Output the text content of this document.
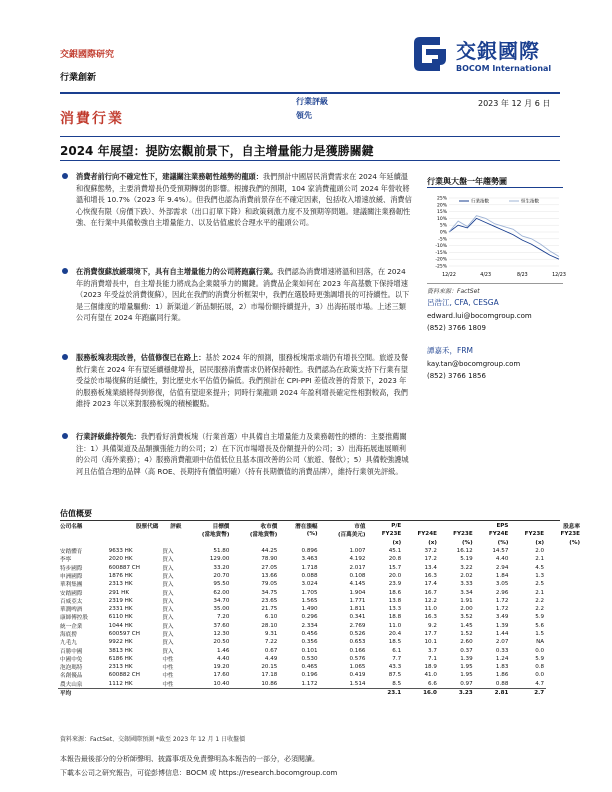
交銀國際研究
行業創新
交銀國際
BOCOM International
消費行業
行業評級
領先
2023 年 12 月 6 日
2024 年展望：提防宏觀前景下，自主增量能力是獲勝關鍵
消費者前行向不確定性下，建議關注業務韌性越勢的龍頭：我們預計中國居民消費需求在 2024 年延續溫和復蘇態勢，主要消費增長仍受預期轉弱的影響。根據我們的預期，104 家消費龍頭公司 2024 年營收將溫和增長 10.7%（2023 年 9.4%）。但我們也認為消費前景存在不確定因素，包括收入增速放緩、消費信心恢復有限（房價下跌）、外部需求（出口訂單下降）和政策刺激力度不及預期等問題。建議關注業務韌性強、在行業中具備較強自主增量能力、以及估值處於合理水平的龍頭公司。
在消費復蘇放緩環境下，具有自主增量能力的公司將跑贏行業。我們認為消費增速將溫和回落，在 2024 年的消費增長中，自主增長能力將成為企業競爭力的關鍵。消費品企業如何在 2023 年高基數下保持增速（2023 年受益於消費復蘇），因此在我們的消費分析框架中，我們在選股時更強調增長的可持續性。以下是三個維度的增量驅動：1）新渠道／新品類拓展，2）市場份額持續提升，3）出海拓展市場。上述三類公司有望在 2024 年跑贏同行業。
服務板塊表現改善，估值修復已在路上：基於 2024 年的預測，服務板塊需求端仍有增長空間。旅遊及餐飲行業在 2024 年有望延續穩健增長，居民服務消費需求仍將保持韌性。我們認為在政策支持下行業有望受益於市場復蘇的延續性，對比歷史水平估值仍偏低。我們預計在 CPI-PPI 差值改善的背景下，2023 年的服務板塊業績將得到修復，估值有望迎來提升；同時行業龍頭 2024 年盈利增長確定性相對較高，我們維持 2023 年以來對服務板塊的積極觀點。
行業評級維持領先：我們看好消費板塊（行業首選）中具備自主增量能力及業務韌性的標的：主要推薦關注：1）具備渠道及品類擴張能力的公司；2）在下沉市場增長及份額提升的公司；3）出海拓展進展順利的公司（海外業務）；4）服務消費龍頭中估值低位且基本面改善的公司（旅遊、餐飲）；5）具備較強護城河且估值合理的品牌（高 ROE、長期持有價值明確）（持有長期價值的消費品牌），維持行業領先評級。
行業與大盤一年趨勢圖
25%
20%
15%
10%
5%
0%
-5%
-10%
-15%
-20%
-25%
12/22	4/23	8/23	12/23
行業指數	恒生指數
資料來源：FactSet
呂浩江, CFA, CESGA
edward.lui@bocomgroup.com
(852) 3766 1809
譚嘉禾，FRM
kay.tan@bocomgroup.com
(852) 3766 1856
估值概要
公司名稱	股票代碼	評級	目標價	收市價	潛在漲幅	市值	P/E			EPS		股息率
			(當地貨幣)	(當地貨幣)	(%)	(百萬美元)	FY23E	FY24E	FY23E	FY24E	FY23E	FY23E
							(x)	(x)	(%)	(%)	(x)	(%)
安踏體育	9633 HK	買入	51.80	44.25	0.896	1.007	45.1	37.2	16.12	14.57	2.0	
李寧	2020 HK	買入	129.00	78.90	3.463	4.192	20.8	17.2	5.19	4.40	2.1	
特步國際	600887 CH	買入	33.20	27.05	1.718	2.017	15.7	13.4	3.22	2.94	4.5	
申洲國際	1876 HK	買入	20.70	13.66	0.088	0.108	20.0	16.3	2.02	1.84	1.3	
華利集團	2313 HK	買入	95.50	79.05	3.024	4.145	23.9	17.4	3.33	3.05	2.5	
安踏國際	291 HK	買入	62.00	34.75	1.705	1.904	18.6	16.7	3.34	2.96	2.1	
百威亞太	2319 HK	買入	34.70	23.65	1.565	1.771	13.8	12.2	1.91	1.72	2.2	
華潤啤酒	2331 HK	買入	35.00	21.75	1.490	1.811	13.3	11.0	2.00	1.72	2.2	
康師傅控股	6110 HK	買入	7.20	6.10	0.296	0.341	18.8	16.3	3.52	3.49	5.9	
統一企業	1044 HK	買入	37.60	28.10	2.334	2.769	11.0	9.2	1.45	1.39	5.6	
海底撈	600597 CH	買入	12.30	9.31	0.456	0.526	20.4	17.7	1.52	1.44	1.5	
九毛九	9922 HK	買入	20.50	7.22	0.356	0.653	18.5	10.1	2.60	2.07	NA	
百勝中國	3813 HK	買入	1.46	0.67	0.101	0.166	6.1	3.7	0.37	0.33	0.0	
中國中免	6186 HK	中性	4.40	4.49	0.530	0.576	7.7	7.1	1.39	1.24	5.9	
泡泡瑪特	2313 HK	中性	19.20	20.15	0.465	1.065	43.3	18.9	1.95	1.83	0.8	
名創優品	600882 CH	中性	17.60	17.18	0.196	0.419	87.5	41.0	1.95	1.86	0.0	
農夫山泉	1112 HK	中性	10.40	10.86	1.172	1.514	8.5	6.6	0.97	0.88	4.7	
平均							23.1	16.0	3.23	2.81	2.7	
資料來源：FactSet、交銀國際預測 *截至 2023 年 12 月 1 日收盤價
本報告最後部分的分析師聲明、披露事項及免責聲明為本報告的一部分，必須閱讀。
下載本公司之研究報告，可從彭博信息：BOCM 或 https://research.bocomgroup.com
